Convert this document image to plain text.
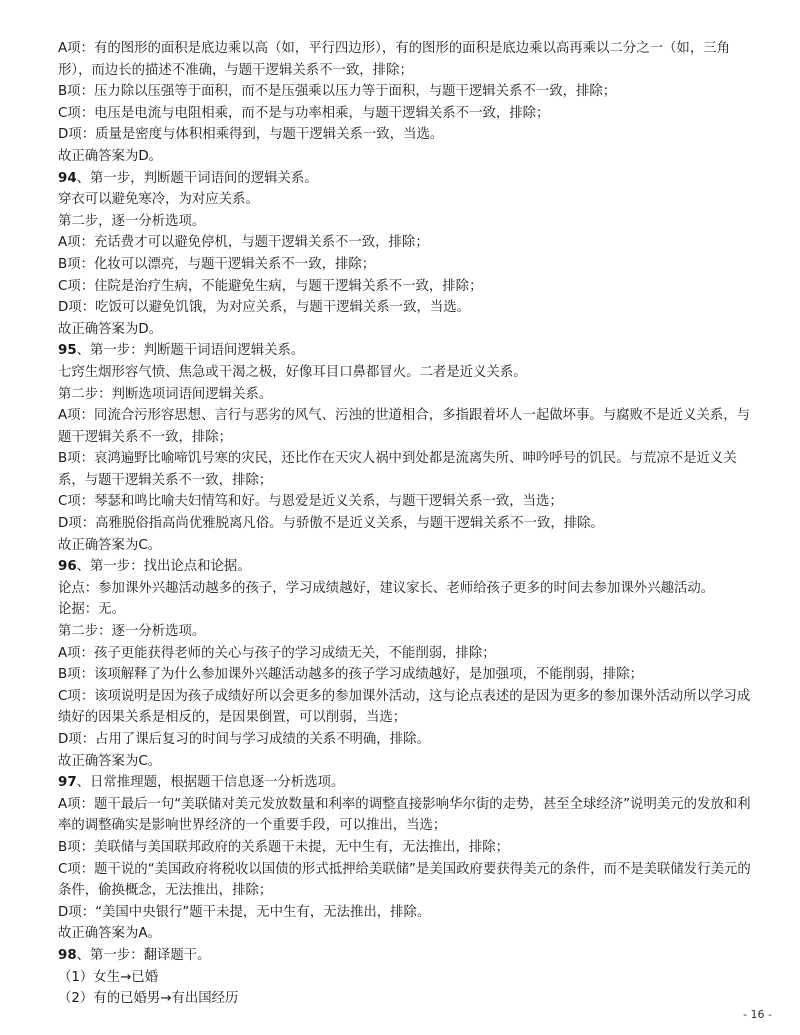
A项：有的图形的面积是底边乘以高（如，平行四边形），有的图形的面积是底边乘以高再乘以二分之一（如，三角形），而边长的描述不准确，与题干逻辑关系不一致，排除；

B项：压力除以压强等于面积，而不是压强乘以压力等于面积，与题干逻辑关系不一致，排除；

C项：电压是电流与电阻相乘，而不是与功率相乘，与题干逻辑关系不一致，排除；

D项：质量是密度与体积相乘得到，与题干逻辑关系一致，当选。

故正确答案为D。

94、第一步，判断题干词语间的逻辑关系。

穿衣可以避免寒冷，为对应关系。

第二步，逐一分析选项。

A项：充话费才可以避免停机，与题干逻辑关系不一致，排除；

B项：化妆可以漂亮，与题干逻辑关系不一致，排除；

C项：住院是治疗生病，不能避免生病，与题干逻辑关系不一致，排除；

D项：吃饭可以避免饥饿，为对应关系，与题干逻辑关系一致，当选。

故正确答案为D。

95、第一步：判断题干词语间逻辑关系。

七窍生烟形容气愤、焦急或干渴之极，好像耳目口鼻都冒火。二者是近义关系。

第二步：判断选项词语间逻辑关系。

A项：同流合污形容思想、言行与恶劣的风气、污浊的世道相合，多指跟着坏人一起做坏事。与腐败不是近义关系，与题干逻辑关系不一致，排除；

B项：哀鸿遍野比喻啼饥号寒的灾民，还比作在天灾人祸中到处都是流离失所、呻吟呼号的饥民。与荒凉不是近义关系，与题干逻辑关系不一致，排除；

C项：琴瑟和鸣比喻夫妇情笃和好。与恩爱是近义关系，与题干逻辑关系一致，当选；

D项：高雅脱俗指高尚优雅脱离凡俗。与骄傲不是近义关系，与题干逻辑关系不一致，排除。

故正确答案为C。

96、第一步：找出论点和论据。

论点：参加课外兴趣活动越多的孩子，学习成绩越好，建议家长、老师给孩子更多的时间去参加课外兴趣活动。

论据：无。

第二步：逐一分析选项。

A项：孩子更能获得老师的关心与孩子的学习成绩无关，不能削弱，排除；

B项：该项解释了为什么参加课外兴趣活动越多的孩子学习成绩越好，是加强项，不能削弱，排除；

C项：该项说明是因为孩子成绩好所以会更多的参加课外活动，这与论点表述的是因为更多的参加课外活动所以学习成绩好的因果关系是相反的，是因果倒置，可以削弱，当选；

D项：占用了课后复习的时间与学习成绩的关系不明确，排除。

故正确答案为C。

97、日常推理题，根据题干信息逐一分析选项。

A项：题干最后一句“美联储对美元发放数量和利率的调整直接影响华尔街的走势，甚至全球经济”说明美元的发放和利率的调整确实是影响世界经济的一个重要手段，可以推出，当选；

B项：美联储与美国联邦政府的关系题干未提，无中生有，无法推出，排除；

C项：题干说的“美国政府将税收以国债的形式抵押给美联储”是美国政府要获得美元的条件，而不是美联储发行美元的条件，偷换概念，无法推出，排除；

D项：“美国中央银行”题干未提，无中生有，无法推出，排除。

故正确答案为A。

98、第一步：翻译题干。

（1）女生→已婚

（2）有的已婚男→有出国经历

- 16 -
